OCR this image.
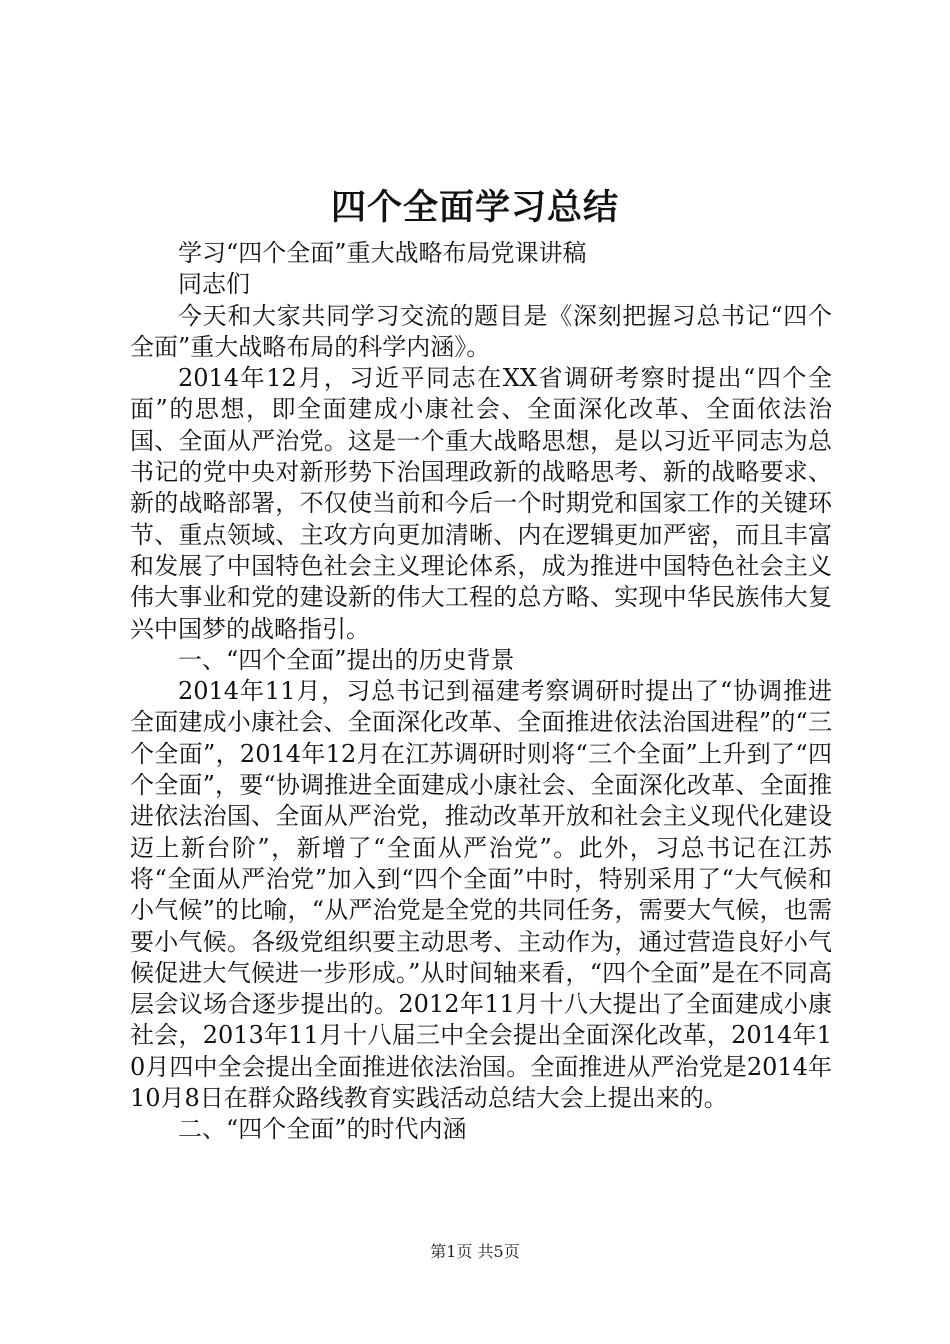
四个全面学习总结

学习“四个全面”重大战略布局党课讲稿

同志们

今天和大家共同学习交流的题目是《深刻把握习总书记“四个全面”重大战略布局的科学内涵》。

2014年12月，习近平同志在XX省调研考察时提出“四个全面”的思想，即全面建成小康社会、全面深化改革、全面依法治国、全面从严治党。这是一个重大战略思想，是以习近平同志为总书记的党中央对新形势下治国理政新的战略思考、新的战略要求、新的战略部署，不仅使当前和今后一个时期党和国家工作的关键环节、重点领域、主攻方向更加清晰、内在逻辑更加严密，而且丰富和发展了中国特色社会主义理论体系，成为推进中国特色社会主义伟大事业和党的建设新的伟大工程的总方略、实现中华民族伟大复兴中国梦的战略指引。

一、“四个全面”提出的历史背景

2014年11月，习总书记到福建考察调研时提出了“协调推进全面建成小康社会、全面深化改革、全面推进依法治国进程”的“三个全面”，2014年12月在江苏调研时则将“三个全面”上升到了“四个全面”，要“协调推进全面建成小康社会、全面深化改革、全面推进依法治国、全面从严治党，推动改革开放和社会主义现代化建设迈上新台阶”，新增了“全面从严治党”。此外，习总书记在江苏将“全面从严治党”加入到“四个全面”中时，特别采用了“大气候和小气候”的比喻，“从严治党是全党的共同任务，需要大气候，也需要小气候。各级党组织要主动思考、主动作为，通过营造良好小气候促进大气候进一步形成。”从时间轴来看，“四个全面”是在不同高层会议场合逐步提出的。2012年11月十八大提出了全面建成小康社会，2013年11月十八届三中全会提出全面深化改革，2014年10月四中全会提出全面推进依法治国。全面推进从严治党是2014年10月8日在群众路线教育实践活动总结大会上提出来的。

二、“四个全面”的时代内涵

第1页 共5页
